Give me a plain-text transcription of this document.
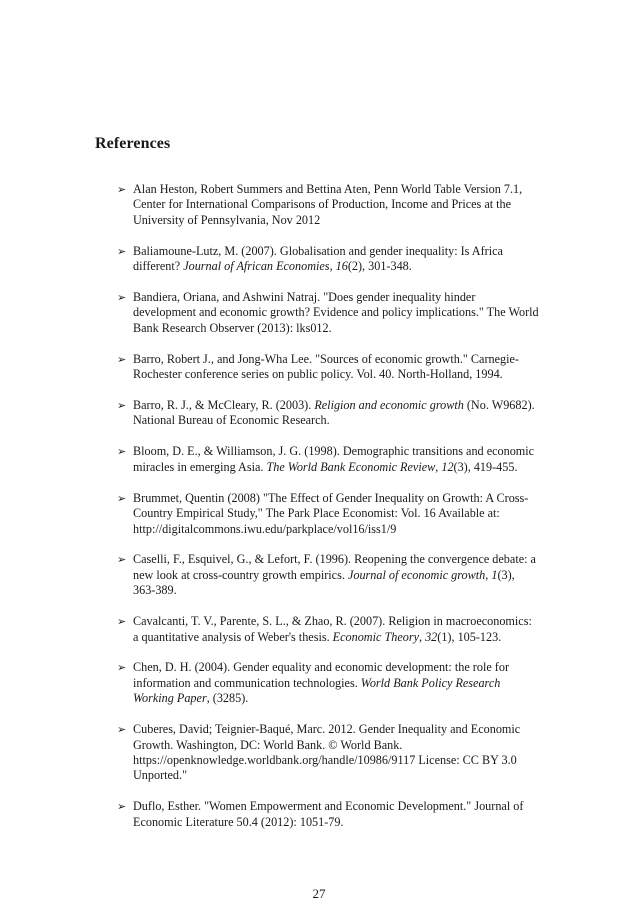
References
➢ Alan Heston, Robert Summers and Bettina Aten, Penn World Table Version 7.1, Center for International Comparisons of Production, Income and Prices at the University of Pennsylvania, Nov 2012
➢ Baliamoune-Lutz, M. (2007). Globalisation and gender inequality: Is Africa different? Journal of African Economies, 16(2), 301-348.
➢ Bandiera, Oriana, and Ashwini Natraj. "Does gender inequality hinder development and economic growth? Evidence and policy implications." The World Bank Research Observer (2013): lks012.
➢ Barro, Robert J., and Jong-Wha Lee. "Sources of economic growth." Carnegie-Rochester conference series on public policy. Vol. 40. North-Holland, 1994.
➢ Barro, R. J., & McCleary, R. (2003). Religion and economic growth (No. W9682). National Bureau of Economic Research.
➢ Bloom, D. E., & Williamson, J. G. (1998). Demographic transitions and economic miracles in emerging Asia. The World Bank Economic Review, 12(3), 419-455.
➢ Brummet, Quentin (2008) "The Effect of Gender Inequality on Growth: A Cross-Country Empirical Study," The Park Place Economist: Vol. 16 Available at: http://digitalcommons.iwu.edu/parkplace/vol16/iss1/9
➢ Caselli, F., Esquivel, G., & Lefort, F. (1996). Reopening the convergence debate: a new look at cross-country growth empirics. Journal of economic growth, 1(3), 363-389.
➢ Cavalcanti, T. V., Parente, S. L., & Zhao, R. (2007). Religion in macroeconomics: a quantitative analysis of Weber's thesis. Economic Theory, 32(1), 105-123.
➢ Chen, D. H. (2004). Gender equality and economic development: the role for information and communication technologies. World Bank Policy Research Working Paper, (3285).
➢ Cuberes, David; Teignier-Baqué, Marc. 2012. Gender Inequality and Economic Growth. Washington, DC: World Bank. © World Bank. https://openknowledge.worldbank.org/handle/10986/9117 License: CC BY 3.0 Unported."
➢ Duflo, Esther. "Women Empowerment and Economic Development." Journal of Economic Literature 50.4 (2012): 1051-79.
27
